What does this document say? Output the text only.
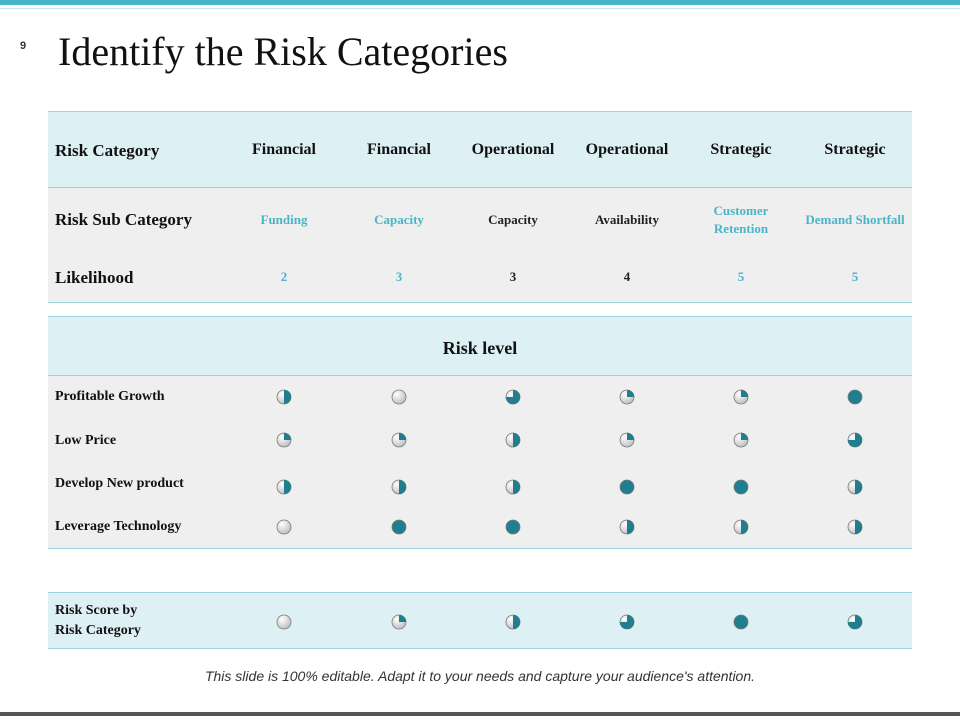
9 Identify the Risk Categories
Risk Category
Risk Sub Category
Likelihood
Risk level
Profitable Growth
Low Price
Develop New product
Leverage Technology
Risk Score by
Risk Category
Financial
Funding
2
Financial
Capacity
3
Operational
Capacity
3
Operational
Availability
4
Strategic
Customer Retention
5
Strategic
Demand Shortfall
5
This slide is 100% editable. Adapt it to your needs and capture your audience's attention.
